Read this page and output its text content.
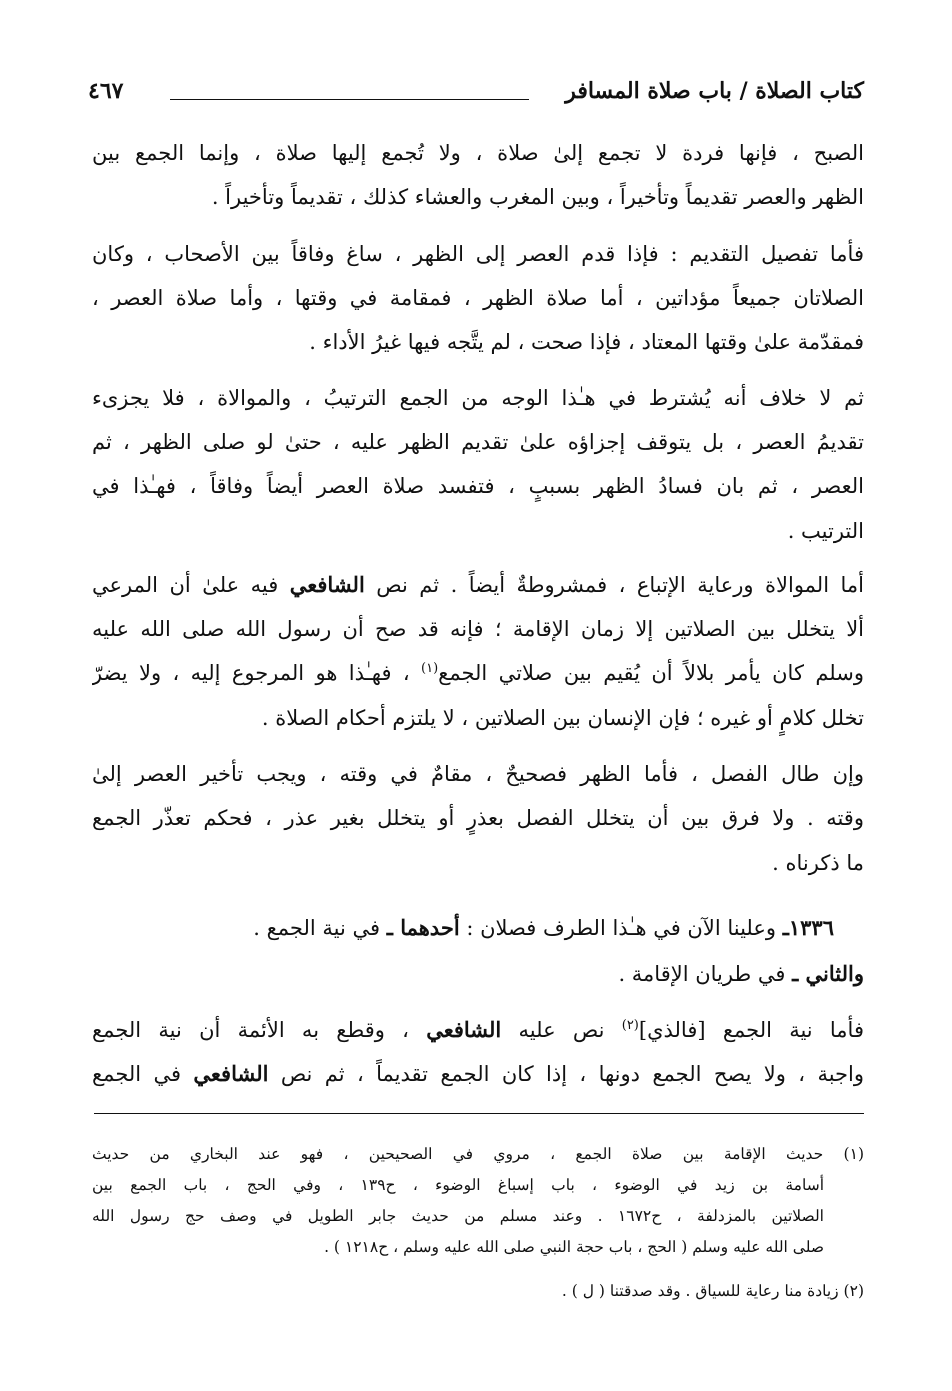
كتاب الصلاة / باب صلاة المسافر
٤٦٧
الصبح ، فإنها فردة لا تجمع إلىٰ صلاة ، ولا تُجمع إليها صلاة ، وإنما الجمع بين
الظهر والعصر تقديماً وتأخيراً ، وبين المغرب والعشاء كذلك ، تقديماً وتأخيراً .
فأما تفصيل التقديم : فإذا قدم العصر إلى الظهر ، ساغ وفاقاً بين الأصحاب ، وكان
الصلاتان جميعاً مؤداتين ، أما صلاة الظهر ، فمقامة في وقتها ، وأما صلاة العصر ،
فمقدّمة علىٰ وقتها المعتاد ، فإذا صحت ، لم يتَّجه فيها غيرُ الأداء .
ثم لا خلاف أنه يُشترط في هـٰذا الوجه من الجمع الترتيبُ ، والموالاة ، فلا يجزىء
تقديمُ العصر ، بل يتوقف إجزاؤه علىٰ تقديم الظهر عليه ، حتىٰ لو صلى الظهر ، ثم
العصر ، ثم بان فسادُ الظهر بسببٍ ، فتفسد صلاة العصر أيضاً وفاقاً ، فهـٰذا في
الترتيب .
أما الموالاة ورعاية الإتباع ، فمشروطةٌ أيضاً . ثم نص الشافعي فيه علىٰ أن المرعي
ألا يتخلل بين الصلاتين إلا زمان الإقامة ؛ فإنه قد صح أن رسول الله صلى الله عليه
وسلم كان يأمر بلالاً أن يُقيم بين صلاتي الجمع$^{(١)}$ ، فهـٰذا هو المرجوع إليه ، ولا يضرّ
تخلل كلامٍ أو غيره ؛ فإن الإنسان بين الصلاتين ، لا يلتزم أحكام الصلاة .
وإن طال الفصل ، فأما الظهر فصحيحٌ ، مقامٌ في وقته ، ويجب تأخير العصر إلىٰ
وقته . ولا فرق بين أن يتخلل الفصل بعذرٍ أو يتخلل بغير عذر ، فحكم تعذّر الجمع
ما ذكرناه .
١٣٣٦ـ وعلينا الآن في هـٰذا الطرف فصلان : أحدهما ـ في نية الجمع .
والثاني ـ في طريان الإقامة .
فأما نية الجمع [فالذي]$^{(٢)}$ نص عليه الشافعي ، وقطع به الأئمة أن نية الجمع
واجبة ، ولا يصح الجمع دونها ، إذا كان الجمع تقديماً ، ثم نص الشافعي في الجمع
(١) حديث الإقامة بين صلاة الجمع ، مروي في الصحيحين ، فهو عند البخاري من حديث
أسامة بن زيد في الوضوء ، باب إسباغ الوضوء ، ح١٣٩ ، وفي الحج ، باب الجمع بين
الصلاتين بالمزدلفة ، ح١٦٧٢ . وعند مسلم من حديث جابر الطويل في وصف حج رسول الله
صلى الله عليه وسلم ( الحج ، باب حجة النبي صلى الله عليه وسلم ، ح١٢١٨ ) .
(٢) زيادة منا رعاية للسياق . وقد صدقتنا ( ل ) .
